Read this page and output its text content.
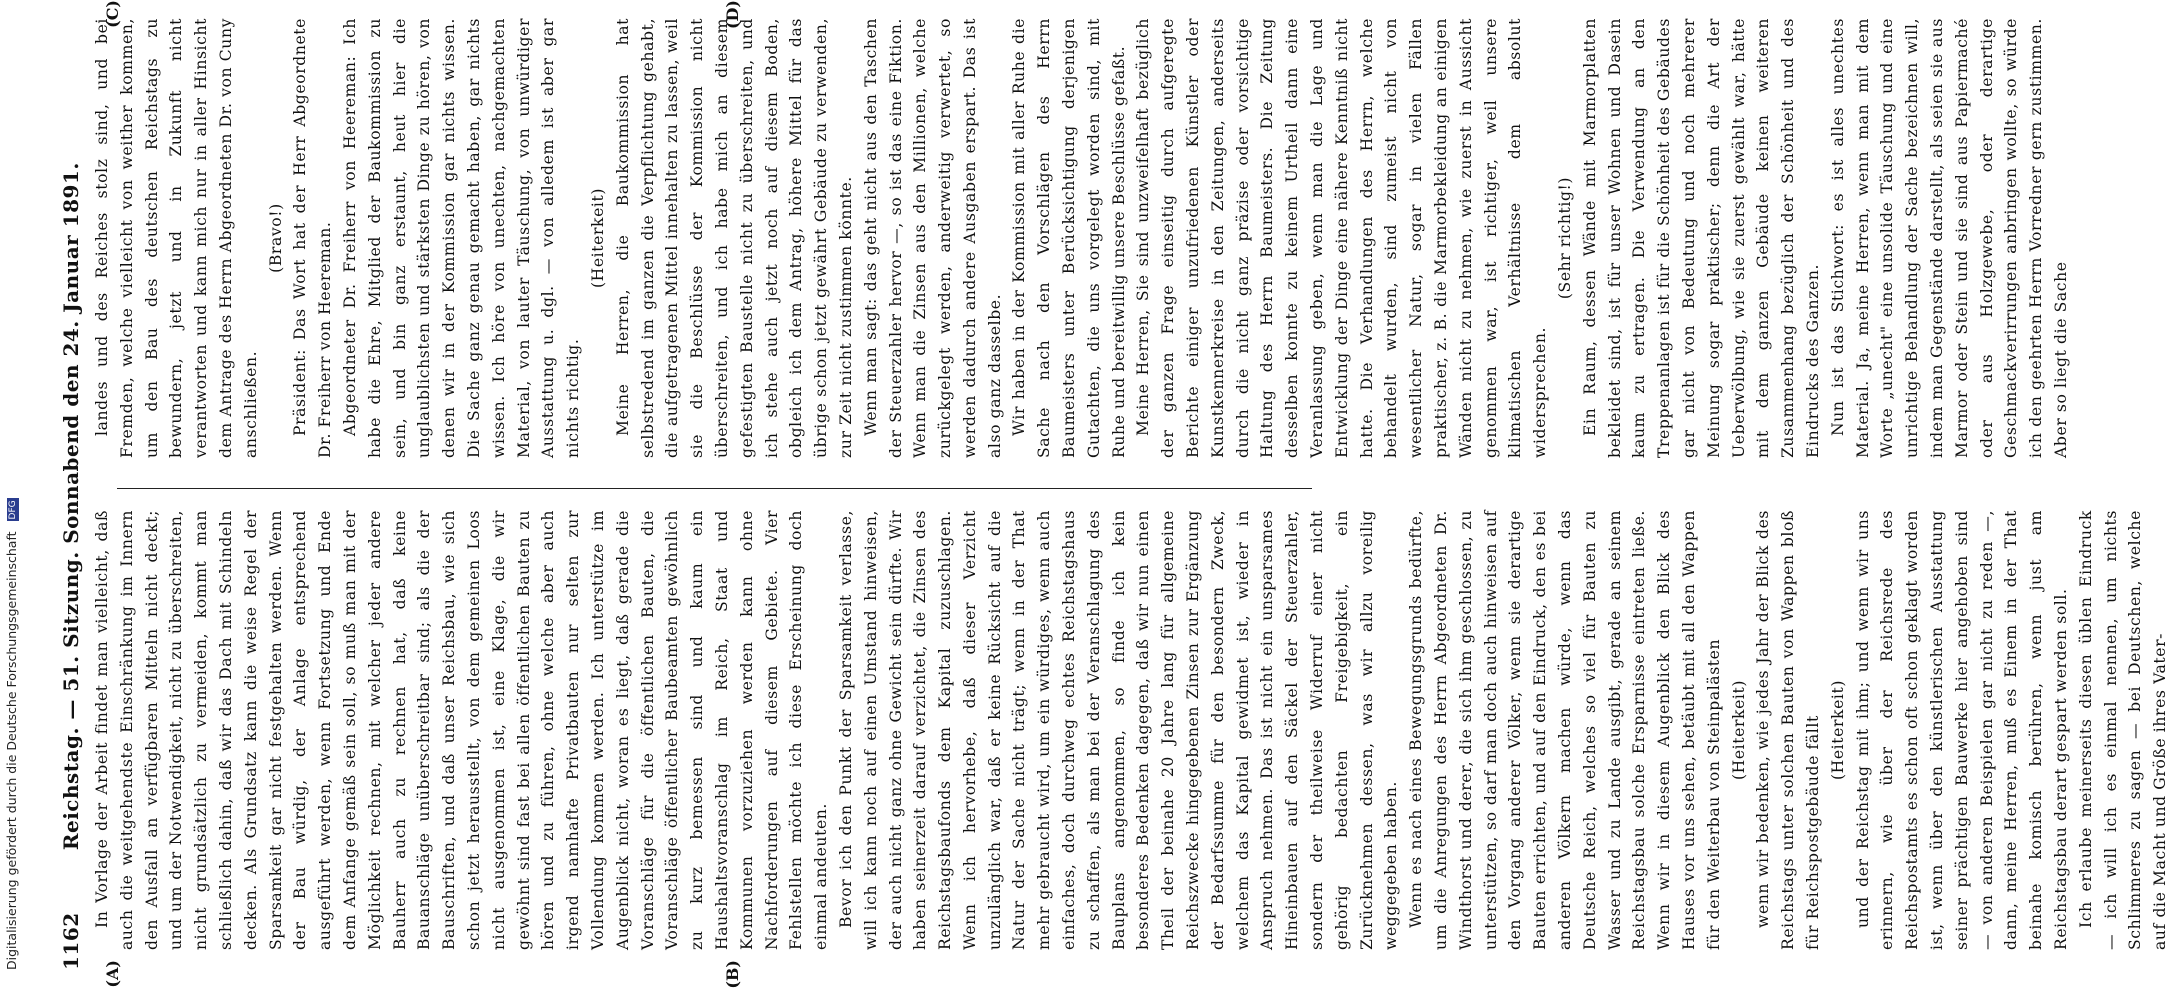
Digitalisierung gefördert durch die Deutsche Forschungsgemeinschaft DFG
1162
Reichstag. — 51. Sitzung. Sonnabend den 24. Januar 1891.
(A)	(B)
(C)	(D)

In Vorlage der Arbeit findet man vielleicht, daß auch die weitgehendste Einschränkung im Innern den Ausfall an verfügbaren Mitteln nicht deckt; und um der Notwendigkeit, nicht zu überschreiten, nicht grundsätzlich zu vermeiden, kommt man schließlich dahin, daß wir das Dach mit Schindeln decken. Als Grundsatz kann die weise Regel der Sparsamkeit gar nicht festgehalten werden. Wenn der Bau würdig, der Anlage entsprechend ausgeführt werden, wenn Fortsetzung und Ende dem Anfange gemäß sein soll, so muß man mit der Möglichkeit rechnen, mit welcher jeder andere Bauherr auch zu rechnen hat, daß keine Bauanschläge unüberschreitbar sind; als die der Bauschriften, und daß unser Reichsbau, wie sich schon jetzt herausstellt, von dem gemeinen Loos nicht ausgenommen ist, eine Klage, die wir gewöhnt sind fast bei allen öffentlichen Bauten zu hören und zu führen, ohne welche aber auch irgend namhafte Privatbauten nur selten zur Vollendung kommen werden. Ich unterstütze im Augenblick nicht, woran es liegt, daß gerade die Voranschläge für die öffentlichen Bauten, die Voranschläge öffentlicher Baubeamten gewöhnlich zu kurz bemessen sind und kaum ein Haushaltsvoranschlag im Reich, Staat und Kommunen vorzuziehen werden kann ohne Nachforderungen auf diesem Gebiete. Vier Fehlstellen möchte ich diese Erscheinung doch einmal andeuten. Bevor ich den Punkt der Sparsamkeit verlasse, will ich kann noch auf einen Umstand hinweisen, der auch nicht ganz ohne Gewicht sein dürfte. Wir haben seinerzeit darauf verzichtet, die Zinsen des Reichstagsbaufonds dem Kapital zuzuschlagen. Wenn ich hervorhebe, daß dieser Verzicht unzulänglich war, daß er keine Rücksicht auf die Natur der Sache nicht trägt; wenn in der That mehr gebraucht wird, um ein würdiges, wenn auch einfaches, doch durchweg echtes Reichstagshaus zu schaffen, als man bei der Veranschlagung des Bauplans angenommen, so finde ich kein besonderes Bedenken dagegen, daß wir nun einen Theil der beinahe 20 Jahre lang für allgemeine Reichszwecke hingegebenen Zinsen zur Ergänzung der Bedarfssumme für den besondern Zweck, welchem das Kapital gewidmet ist, wieder in Anspruch nehmen. Das ist nicht ein unsparsames Hineinbauen auf den Säckel der Steuerzahler, sondern der theilweise Widerruf einer nicht gehörig bedachten Freigebigkeit, ein Zurücknehmen dessen, was wir allzu voreilig weggegeben haben. Wenn es nach eines Bewegungsgrunds bedürfte, um die Anregungen des Herrn Abgeordneten Dr. Windthorst und derer, die sich ihm geschlossen, zu unterstützen, so darf man doch auch hinweisen auf den Vorgang anderer Völker, wenn sie derartige Bauten errichten, und auf den Eindruck, den es bei anderen Völkern machen würde, wenn das Deutsche Reich, welches so viel für Bauten zu Wasser und zu Lande ausgibt, gerade an seinem Reichstagsbau solche Ersparnisse eintreten ließe. Wenn wir in diesem Augenblick den Blick des Hauses vor uns sehen, betäubt mit all den Wappen für den Weiterbau von Steinpalästen (Heiterkeit) wenn wir bedenken, wie jedes Jahr der Blick des Reichstags unter solchen Bauten von Wappen bloß für Reichspostgebäude fällt (Heiterkeit) und der Reichstag mit ihm; und wenn wir uns erinnern, wie über der Reichsrede des Reichspostamts es schon oft schon geklagt worden ist, wenn über den künstlerischen Ausstattung seiner prächtigen Bauwerke hier angehoben sind — von anderen Beispielen gar nicht zu reden —, dann, meine Herren, muß es Einem in der That beinahe komisch berühren, wenn just am Reichstagsbau derart gespart werden soll. Ich erlaube meinerseits diesen üblen Eindruck — ich will ich es einmal nennen, um nichts Schlimmeres zu sagen — bei Deutschen, welche auf die Macht und Größe ihres Vater-

landes und des Reiches stolz sind, und bei Fremden, welche vielleicht von weither kommen, um den Bau des deutschen Reichstags zu bewundern, jetzt und in Zukunft nicht verantworten und kann mich nur in aller Hinsicht dem Antrage des Herrn Abgeordneten Dr. von Cuny anschließen.

(Bravo!) Präsident: Das Wort hat der Herr Abgeordnete Dr. Freiherr von Heereman. Abgeordneter Dr. Freiherr von Heereman: Ich habe die Ehre, Mitglied der Baukommission zu sein, und bin ganz erstaunt, heut hier die unglaublichsten und stärksten Dinge zu hören, von denen wir in der Kommission gar nichts wissen. Die Sache ganz genau gemacht haben, gar nichts wissen. Ich höre von unechten, nachgemachten Material, von lauter Täuschung, von unwürdiger Ausstattung u. dgl. — von alledem ist aber gar nichts richtig.

(Heiterkeit) Meine Herren, die Baukommission hat selbstredend im ganzen die Verpflichtung gehabt, die aufgetragenen Mittel innehalten zu lassen, weil sie die Beschlüsse der Kommission nicht überschreiten, und ich habe mich an diesem gefestigten Baustelle nicht zu überschreiten, und ich stehe auch jetzt noch auf diesem Boden, obgleich ich dem Antrag, höhere Mittel für das übrige schon jetzt gewährt Gebäude zu verwenden, zur Zeit nicht zustimmen könnte. Wenn man sagt: das geht nicht aus den Taschen der Steuerzahler hervor —, so ist das eine Fiktion. Wenn man die Zinsen aus den Millionen, welche zurückgelegt werden, anderweitig verwertet, so werden dadurch andere Ausgaben erspart. Das ist also ganz dasselbe. Wir haben in der Kommission mit aller Ruhe die Sache nach den Vorschlägen des Herrn Baumeisters unter Berücksichtigung derjenigen Gutachten, die uns vorgelegt worden sind, mit Ruhe und bereitwillig unsere Beschlüsse gefaßt. Meine Herren, Sie sind unzweifelhaft bezüglich der ganzen Frage einseitig durch aufgeregte Berichte einiger unzufriedenen Künstler oder Kunstkennerkreise in den Zeitungen, anderseits durch die nicht ganz präzise oder vorsichtige Haltung des Herrn Baumeisters. Die Zeitung desselben konnte zu keinem Urtheil dann eine Veranlassung geben, wenn man die Lage und Entwicklung der Dinge eine nähere Kenntniß nicht hatte. Die Verhandlungen des Herrn, welche behandelt wurden, sind zumeist nicht von wesentlicher Natur, sogar in vielen Fällen praktischer, z. B. die Marmorbekleidung an einigen Wänden nicht zu nehmen, wie zuerst in Aussicht genommen war, ist richtiger, weil unsere klimatischen Verhältnisse dem absolut widersprechen.

(Sehr richtig!) Ein Raum, dessen Wände mit Marmorplatten bekleidet sind, ist für unser Wohnen und Dasein kaum zu ertragen. Die Verwendung an den Treppenanlagen ist für die Schönheit des Gebäudes gar nicht von Bedeutung und noch mehrerer Meinung sogar praktischer; denn die Art der Ueberwölbung, wie sie zuerst gewählt war, hätte mit dem ganzen Gebäude keinen weiteren Zusammenhang bezüglich der Schönheit und des Eindrucks des Ganzen. Nun ist das Stichwort: es ist alles unechtes Material. Ja, meine Herren, wenn man mit dem Worte „unecht" eine unsolide Täuschung und eine unrichtige Behandlung der Sache bezeichnen will, indem man Gegenstände darstellt, als seien sie aus Marmor oder Stein und sie sind aus Papiermaché oder aus Holzgewebe, oder derartige Geschmackverirrungen anbringen wollte, so würde ich den geehrten Herrn Vorredner gern zustimmen. Aber so liegt die Sache
